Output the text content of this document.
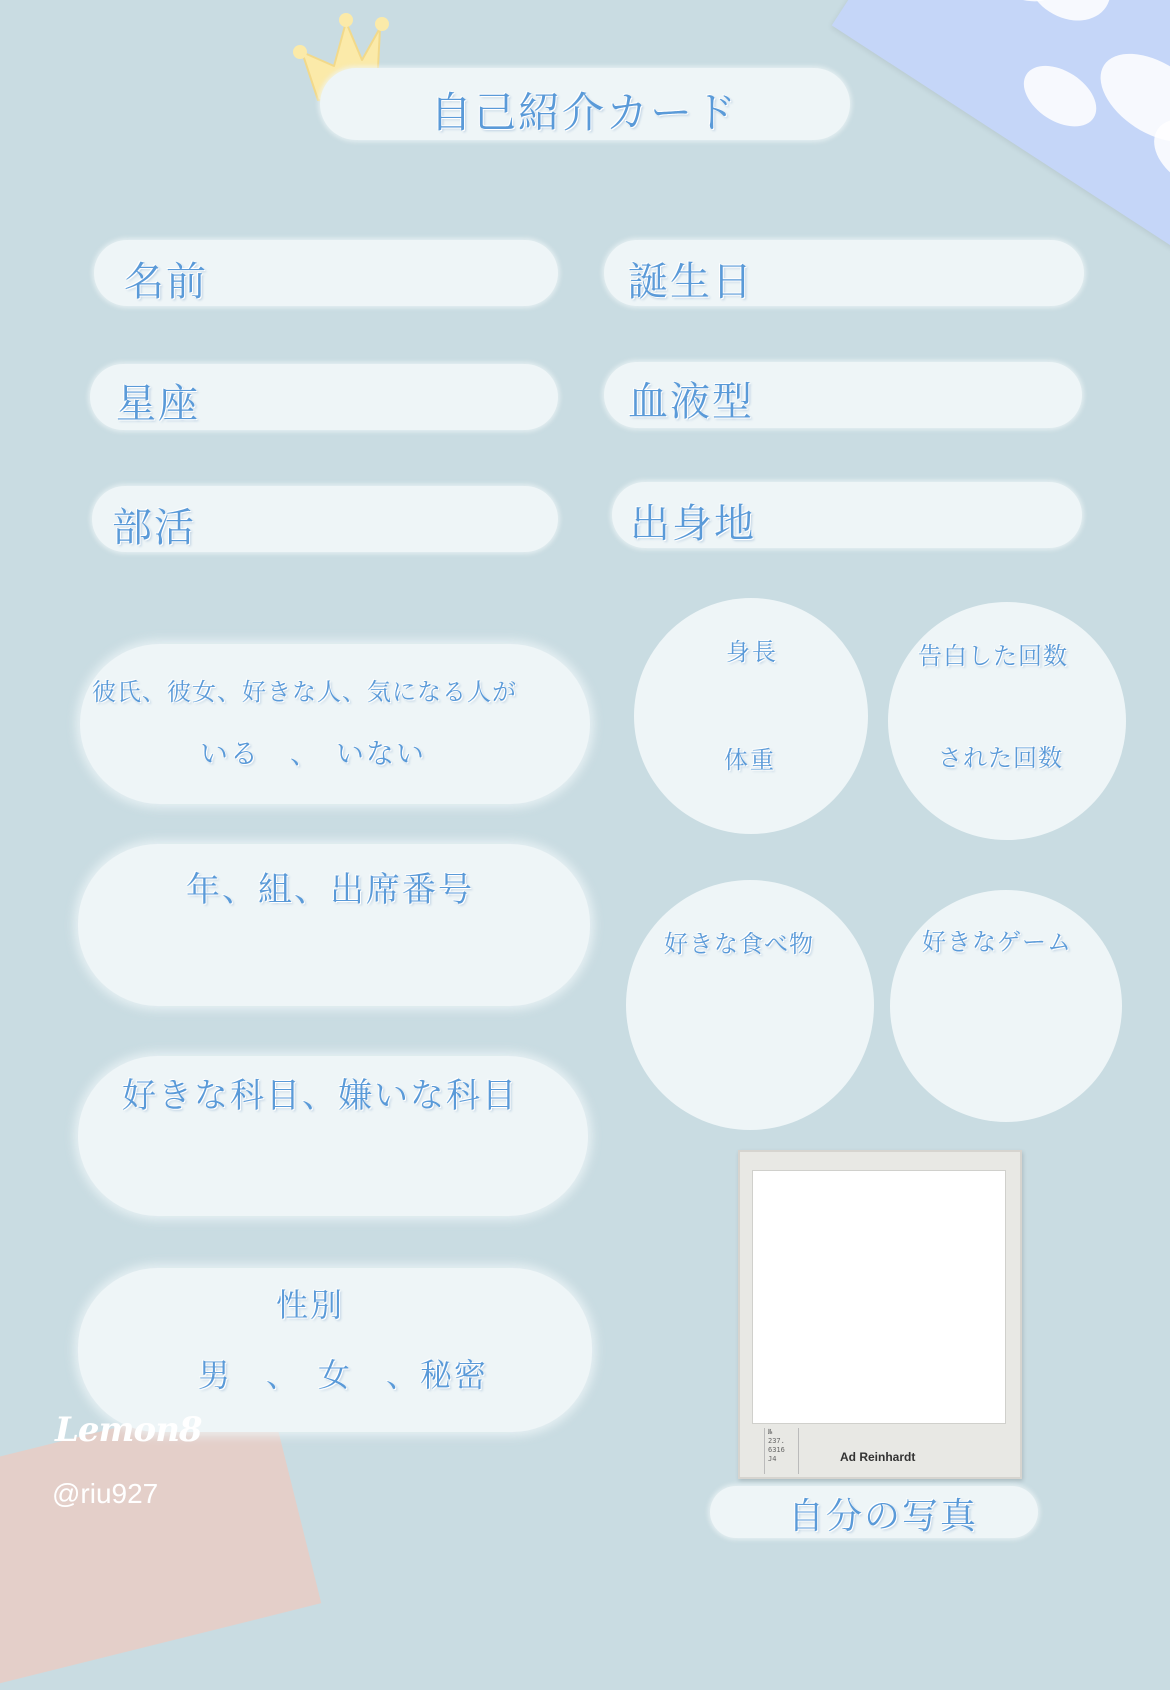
自己紹介カード
名前	誕生日
星座	血液型
部活	出身地
彼氏、彼女、好きな人、気になる人が
いる　、　いない
年、組、出席番号
好きな科目、嫌いな科目
性別
男　、　女　、秘密
身長
体重
告白した回数
された回数
好きな食べ物	好きなゲーム
№
237.
6316
J4	Ad Reinhardt
自分の写真
Lemon8
@riu927
